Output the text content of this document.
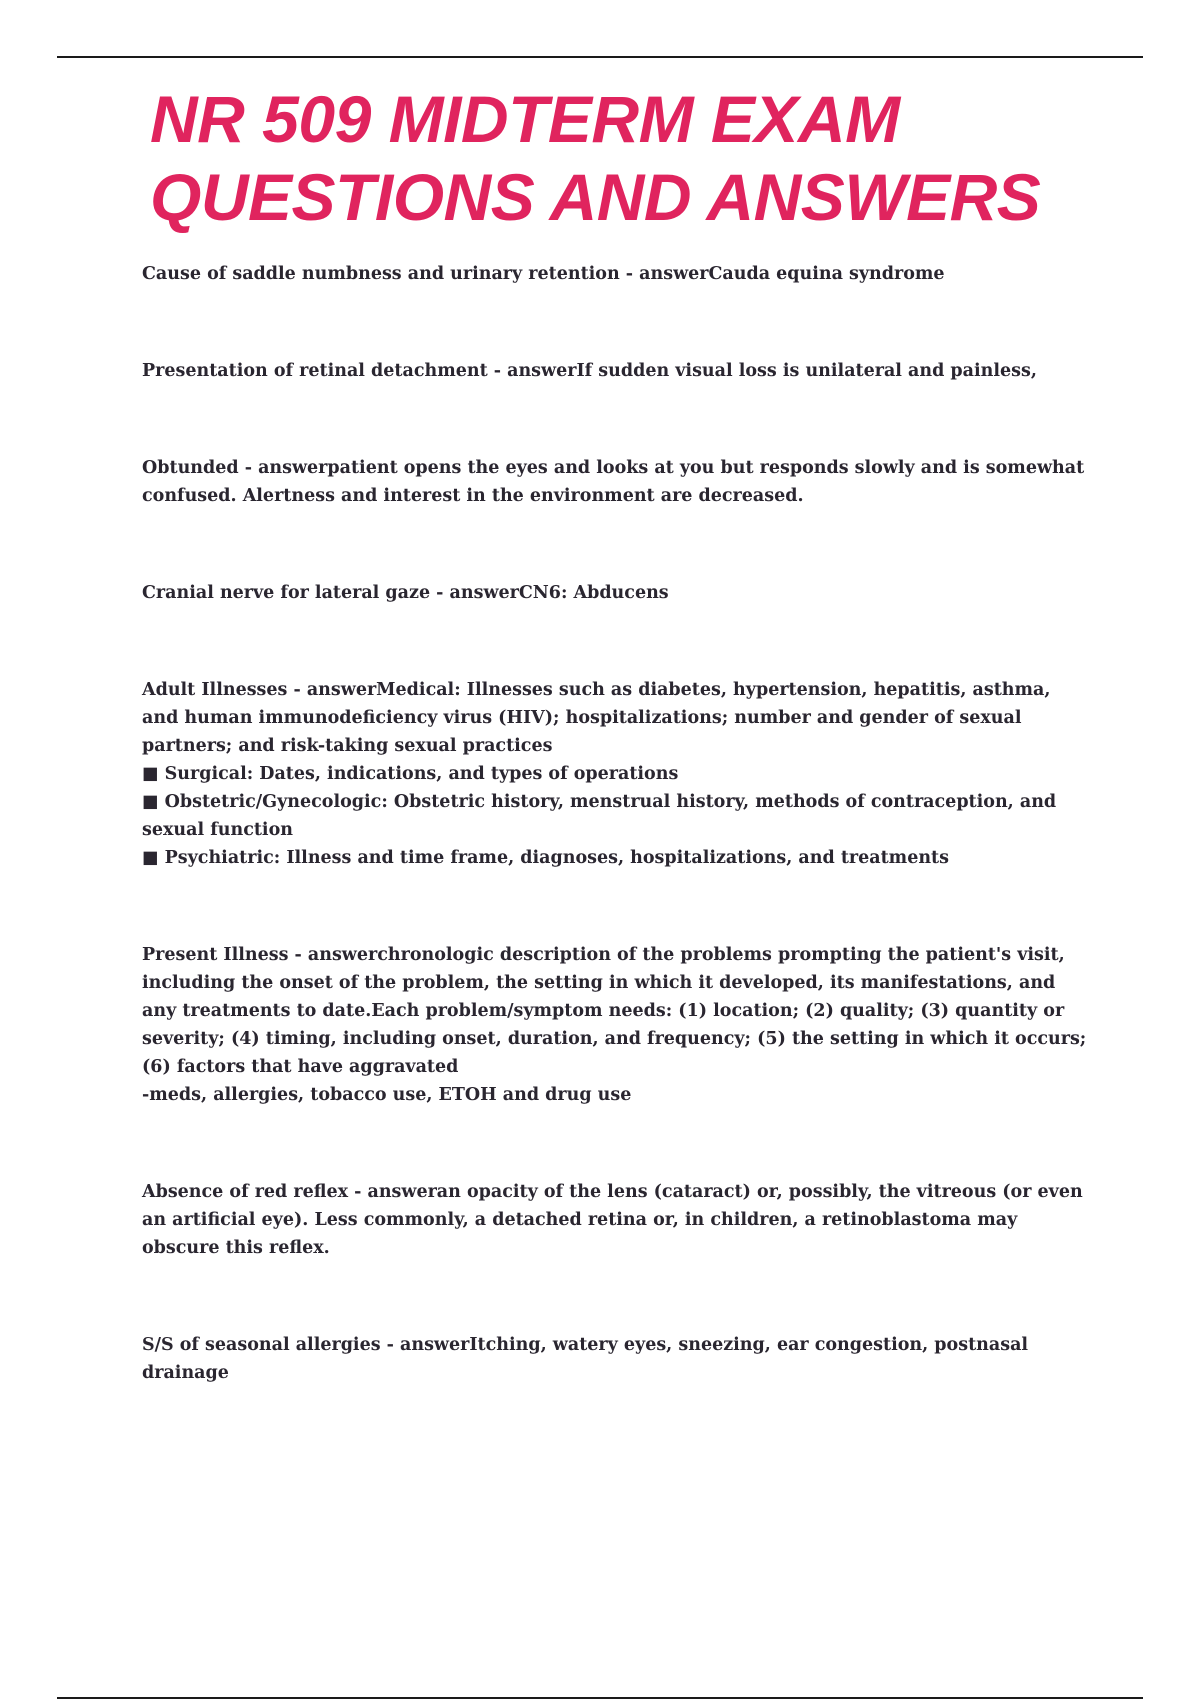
NR 509 MIDTERM EXAM QUESTIONS AND ANSWERS

Cause of saddle numbness and urinary retention - answerCauda equina syndrome

Presentation of retinal detachment - answerIf sudden visual loss is unilateral and painless,

Obtunded - answerpatient opens the eyes and looks at you but responds slowly and is somewhat confused. Alertness and interest in the environment are decreased.

Cranial nerve for lateral gaze - answerCN6: Abducens

Adult Illnesses - answerMedical: Illnesses such as diabetes, hypertension, hepatitis, asthma, and human immunodeficiency virus (HIV); hospitalizations; number and gender of sexual partners; and risk-taking sexual practices

■ Surgical: Dates, indications, and types of operations

■ Obstetric/Gynecologic: Obstetric history, menstrual history, methods of contraception, and sexual function

■ Psychiatric: Illness and time frame, diagnoses, hospitalizations, and treatments

Present Illness - answerchronologic description of the problems prompting the patient's visit, including the onset of the problem, the setting in which it developed, its manifestations, and any treatments to date.Each problem/symptom needs: (1) location; (2) quality; (3) quantity or severity; (4) timing, including onset, duration, and frequency; (5) the setting in which it occurs; (6) factors that have aggravated

-meds, allergies, tobacco use, ETOH and drug use

Absence of red reflex - answeran opacity of the lens (cataract) or, possibly, the vitreous (or even an artificial eye). Less commonly, a detached retina or, in children, a retinoblastoma may obscure this reflex.

S/S of seasonal allergies - answerItching, watery eyes, sneezing, ear congestion, postnasal drainage
